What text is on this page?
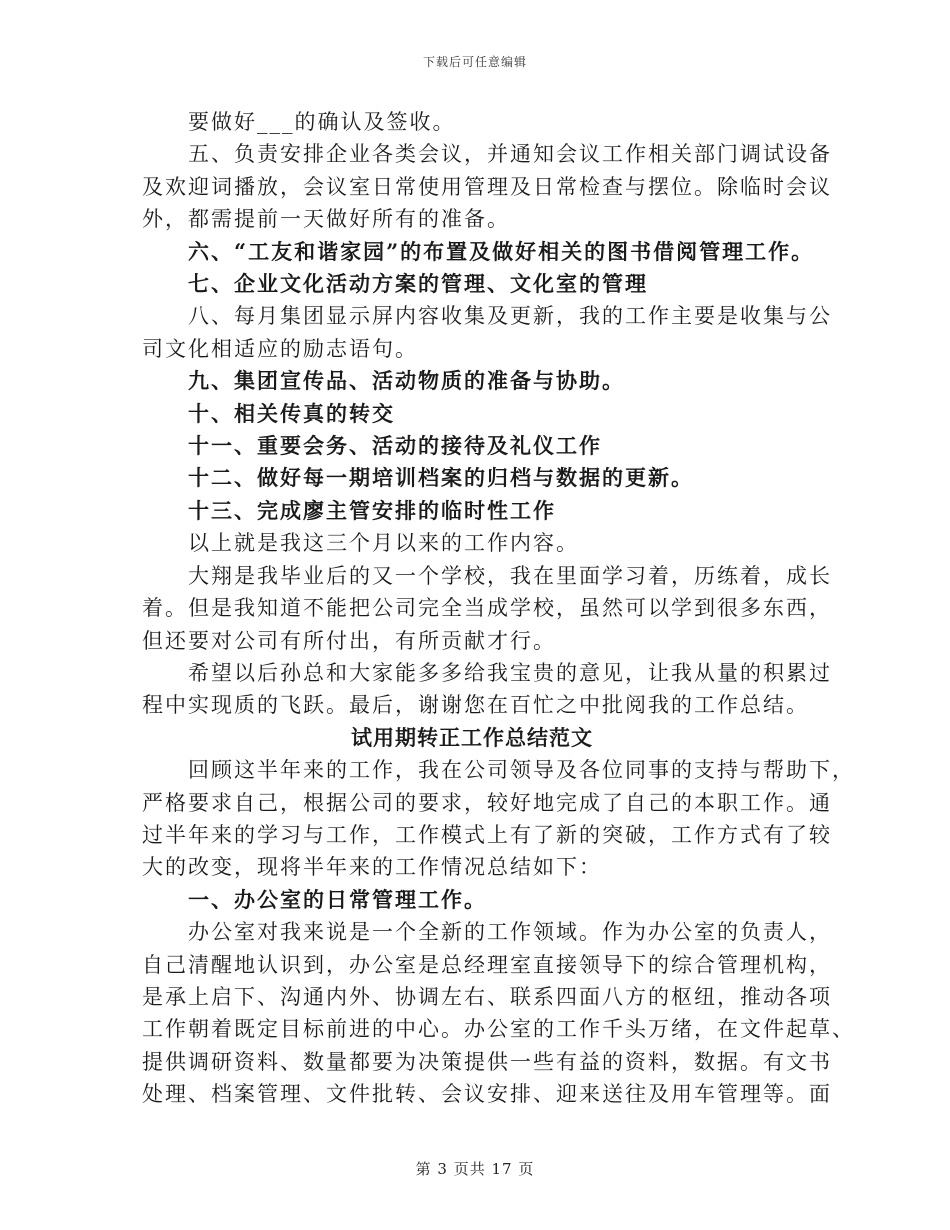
下载后可任意编辑
要做好___的确认及签收。
五、负责安排企业各类会议，并通知会议工作相关部门调试设备
及欢迎词播放，会议室日常使用管理及日常检查与摆位。除临时会议
外，都需提前一天做好所有的准备。
六、“工友和谐家园”的布置及做好相关的图书借阅管理工作。
七、企业文化活动方案的管理、文化室的管理
八、每月集团显示屏内容收集及更新，我的工作主要是收集与公
司文化相适应的励志语句。
九、集团宣传品、活动物质的准备与协助。
十、相关传真的转交
十一、重要会务、活动的接待及礼仪工作
十二、做好每一期培训档案的归档与数据的更新。
十三、完成廖主管安排的临时性工作
以上就是我这三个月以来的工作内容。
大翔是我毕业后的又一个学校，我在里面学习着，历练着，成长
着。但是我知道不能把公司完全当成学校，虽然可以学到很多东西，
但还要对公司有所付出，有所贡献才行。
希望以后孙总和大家能多多给我宝贵的意见，让我从量的积累过
程中实现质的飞跃。最后，谢谢您在百忙之中批阅我的工作总结。
试用期转正工作总结范文
回顾这半年来的工作，我在公司领导及各位同事的支持与帮助下，
严格要求自己，根据公司的要求，较好地完成了自己的本职工作。通
过半年来的学习与工作，工作模式上有了新的突破，工作方式有了较
大的改变，现将半年来的工作情况总结如下：
一、办公室的日常管理工作。
办公室对我来说是一个全新的工作领域。作为办公室的负责人，
自己清醒地认识到，办公室是总经理室直接领导下的综合管理机构，
是承上启下、沟通内外、协调左右、联系四面八方的枢纽，推动各项
工作朝着既定目标前进的中心。办公室的工作千头万绪，在文件起草、
提供调研资料、数量都要为决策提供一些有益的资料，数据。有文书
处理、档案管理、文件批转、会议安排、迎来送往及用车管理等。面
第 3 页共 17 页
